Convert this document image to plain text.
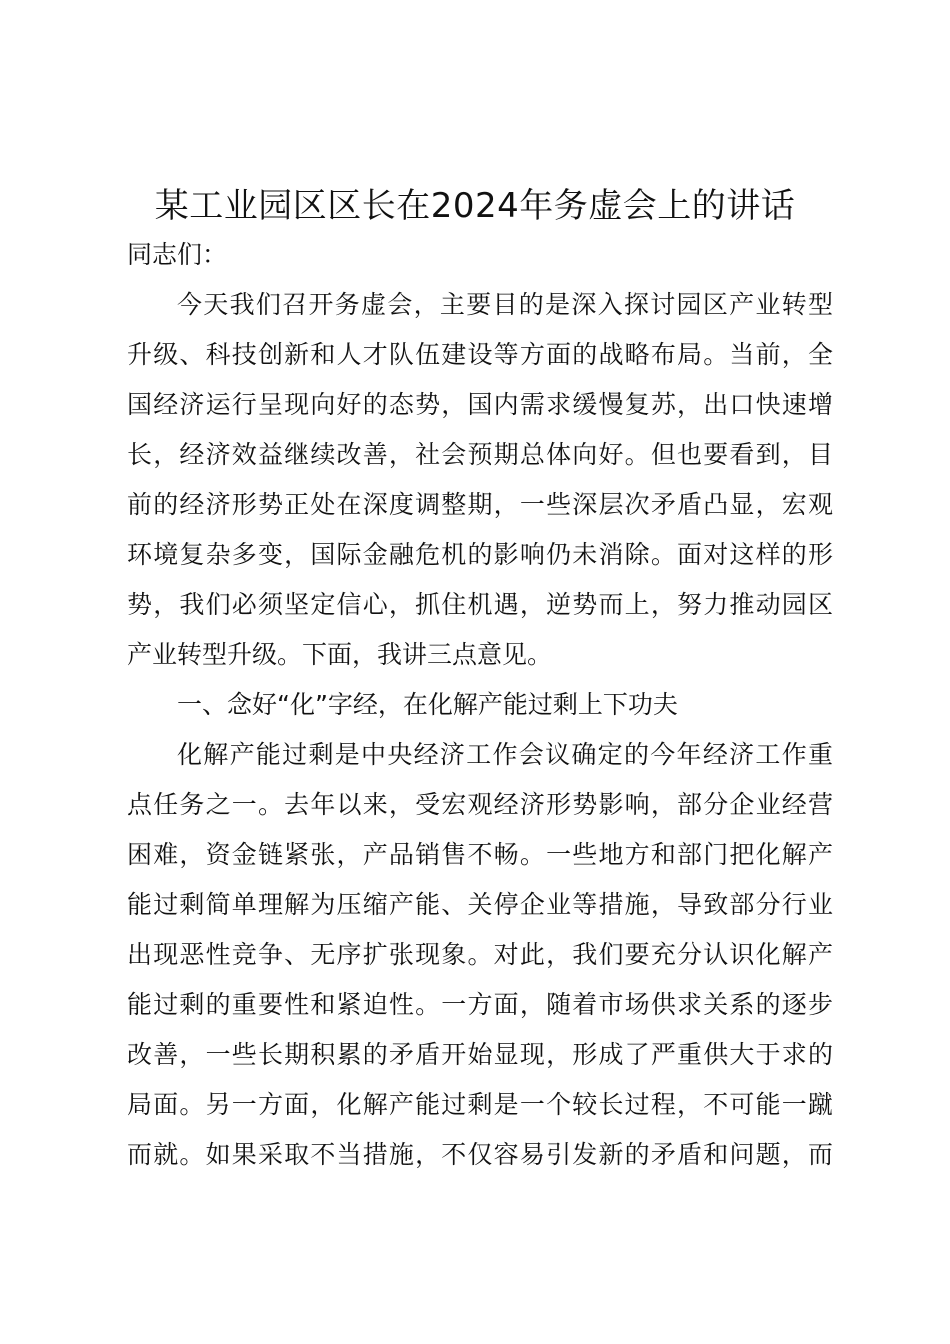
某工业园区区长在2024年务虚会上的讲话
同志们：
今天我们召开务虚会，主要目的是深入探讨园区产业转型
升级、科技创新和人才队伍建设等方面的战略布局。当前，全
国经济运行呈现向好的态势，国内需求缓慢复苏，出口快速增
长，经济效益继续改善，社会预期总体向好。但也要看到，目
前的经济形势正处在深度调整期，一些深层次矛盾凸显，宏观
环境复杂多变，国际金融危机的影响仍未消除。面对这样的形
势，我们必须坚定信心，抓住机遇，逆势而上，努力推动园区
产业转型升级。下面，我讲三点意见。
一、念好“化”字经，在化解产能过剩上下功夫
化解产能过剩是中央经济工作会议确定的今年经济工作重
点任务之一。去年以来，受宏观经济形势影响，部分企业经营
困难，资金链紧张，产品销售不畅。一些地方和部门把化解产
能过剩简单理解为压缩产能、关停企业等措施，导致部分行业
出现恶性竞争、无序扩张现象。对此，我们要充分认识化解产
能过剩的重要性和紧迫性。一方面，随着市场供求关系的逐步
改善，一些长期积累的矛盾开始显现，形成了严重供大于求的
局面。另一方面，化解产能过剩是一个较长过程，不可能一蹴
而就。如果采取不当措施，不仅容易引发新的矛盾和问题，而
